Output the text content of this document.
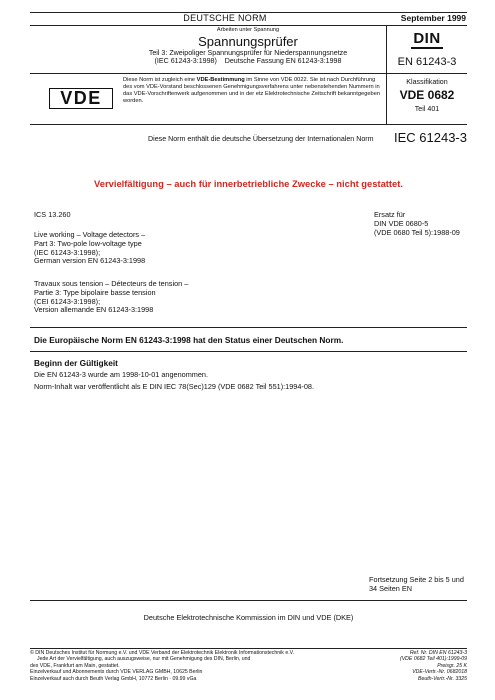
DEUTSCHE NORM	September 1999
Arbeiten unter Spannung
Spannungsprüfer
Teil 3: Zweipoliger Spannungsprüfer für Niederspannungsnetze
(IEC 61243-3:1998)    Deutsche Fassung EN 61243-3:1998
DIN
EN 61243-3
VDE
Diese Norm ist zugleich eine VDE-Bestimmung im Sinne von VDE 0022. Sie ist nach Durchführung des vom VDE-Vorstand beschlossenen Genehmigungsverfahrens unter nebenstehenden Nummern in das VDE-Vorschriftenwerk aufgenommen und in der etz Elektrotechnische Zeitschrift bekanntgegeben worden.
Klassifikation
VDE 0682
Teil 401
Diese Norm enthält die deutsche Übersetzung der Internationalen Norm	IEC 61243-3
Vervielfältigung – auch für innerbetriebliche Zwecke – nicht gestattet.
ICS 13.260	Ersatz für
DIN VDE 0680-5
(VDE 0680 Teil 5):1988-09
Live working – Voltage detectors –
Part 3: Two-pole low-voltage type
(IEC 61243-3:1998);
German version EN 61243-3:1998
Travaux sous tension – Détecteurs de tension –
Partie 3: Type bipolaire basse tension
(CEI 61243-3:1998);
Version allemande EN 61243-3:1998
Die Europäische Norm EN 61243-3:1998 hat den Status einer Deutschen Norm.
Beginn der Gültigkeit
Die EN 61243-3 wurde am 1998-10-01 angenommen.
Norm-Inhalt war veröffentlicht als E DIN IEC 78(Sec)129 (VDE 0682 Teil 551):1994-08.
Fortsetzung Seite 2 bis 5 und
34 Seiten EN
Deutsche Elektrotechnische Kommission im DIN und VDE (DKE)
© DIN Deutsches Institut für Normung e.V. und VDE Verband der Elektrotechnik Elektronik Informationstechnik e.V.
Jede Art der Vervielfältigung, auch auszugsweise, nur mit Genehmigung des DIN, Berlin, und
des VDE, Frankfurt am Main, gestattet.
Einzelverkauf und Abonnements durch VDE VERLAG GMBH, 10625 Berlin
Einzelverkauf auch durch Beuth Verlag GmbH, 10772 Berlin · 09.99 vGa
Ref. Nr. DIN EN 61243-3
(VDE 0682 Teil 401):1999-09
Preisgr. 25 K
VDE-Vertr.-Nr. 0682018
Beuth-Vertr.-Nr. 3325
